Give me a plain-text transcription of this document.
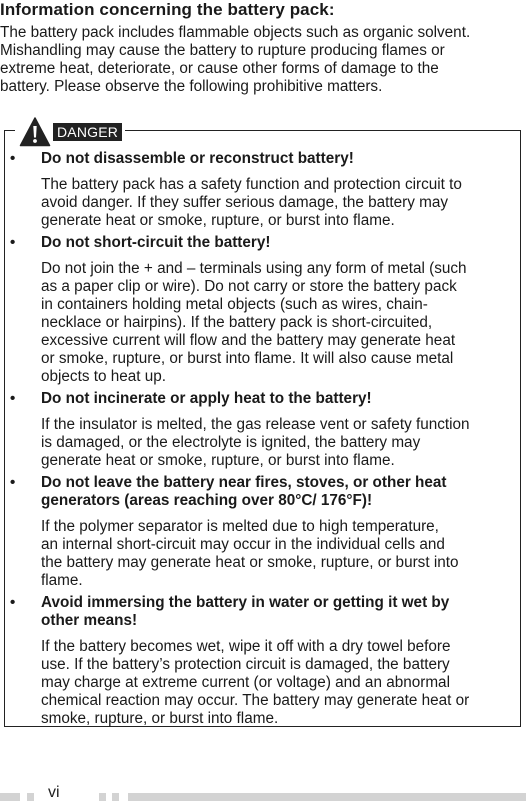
Information concerning the battery pack:
The battery pack includes flammable objects such as organic solvent.
Mishandling may cause the battery to rupture producing flames or
extreme heat, deteriorate, or cause other forms of damage to the
battery. Please observe the following prohibitive matters.
DANGER
• Do not disassemble or reconstruct battery!
The battery pack has a safety function and protection circuit to
avoid danger. If they suffer serious damage, the battery may
generate heat or smoke, rupture, or burst into flame.
• Do not short-circuit the battery!
Do not join the + and – terminals using any form of metal (such
as a paper clip or wire). Do not carry or store the battery pack
in containers holding metal objects (such as wires, chain-
necklace or hairpins). If the battery pack is short-circuited,
excessive current will flow and the battery may generate heat
or smoke, rupture, or burst into flame. It will also cause metal
objects to heat up.
• Do not incinerate or apply heat to the battery!
If the insulator is melted, the gas release vent or safety function
is damaged, or the electrolyte is ignited, the battery may
generate heat or smoke, rupture, or burst into flame.
• Do not leave the battery near fires, stoves, or other heat
generators (areas reaching over 80°C/ 176°F)!
If the polymer separator is melted due to high temperature,
an internal short-circuit may occur in the individual cells and
the battery may generate heat or smoke, rupture, or burst into
flame.
• Avoid immersing the battery in water or getting it wet by
other means!
If the battery becomes wet, wipe it off with a dry towel before
use. If the battery’s protection circuit is damaged, the battery
may charge at extreme current (or voltage) and an abnormal
chemical reaction may occur. The battery may generate heat or
smoke, rupture, or burst into flame.
vi
